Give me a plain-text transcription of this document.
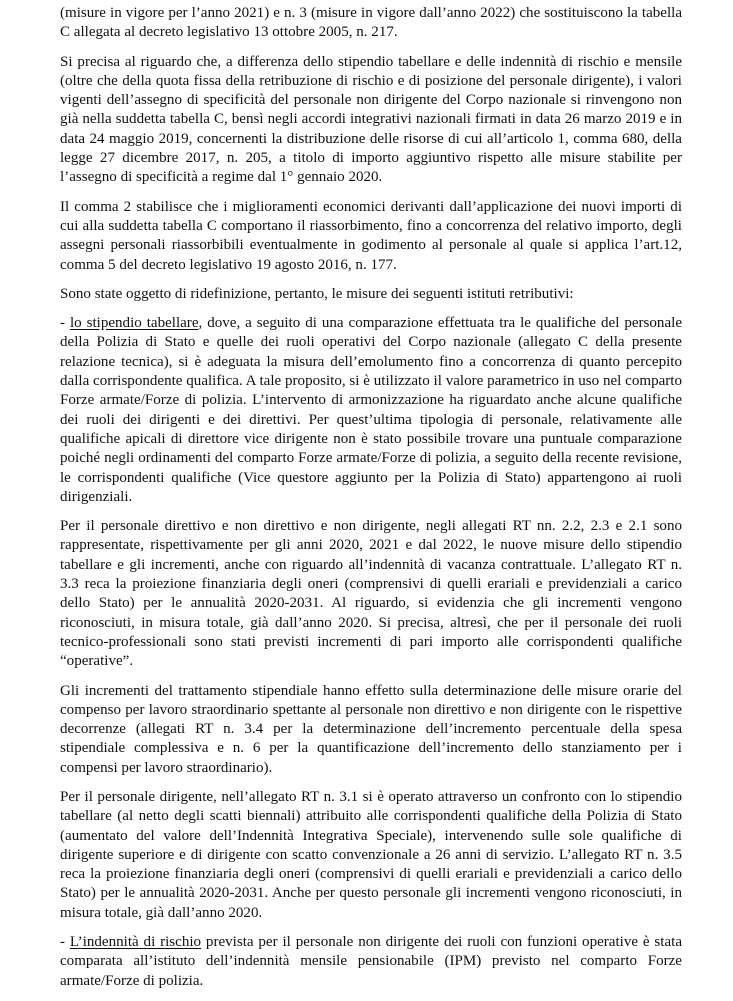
(misure in vigore per l’anno 2021) e n. 3 (misure in vigore dall’anno 2022) che sostituiscono la tabella C allegata al decreto legislativo 13 ottobre 2005, n. 217.

Si precisa al riguardo che, a differenza dello stipendio tabellare e delle indennità di rischio e mensile (oltre che della quota fissa della retribuzione di rischio e di posizione del personale dirigente), i valori vigenti dell’assegno di specificità del personale non dirigente del Corpo nazionale si rinvengono non già nella suddetta tabella C, bensì negli accordi integrativi nazionali firmati in data 26 marzo 2019 e in data 24 maggio 2019, concernenti la distribuzione delle risorse di cui all’articolo 1, comma 680, della legge 27 dicembre 2017, n. 205, a titolo di importo aggiuntivo rispetto alle misure stabilite per l’assegno di specificità a regime dal 1° gennaio 2020.

Il comma 2 stabilisce che i miglioramenti economici derivanti dall’applicazione dei nuovi importi di cui alla suddetta tabella C comportano il riassorbimento, fino a concorrenza del relativo importo, degli assegni personali riassorbibili eventualmente in godimento al personale al quale si applica l’art.12, comma 5 del decreto legislativo 19 agosto 2016, n. 177.

Sono state oggetto di ridefinizione, pertanto, le misure dei seguenti istituti retributivi:

- lo stipendio tabellare, dove, a seguito di una comparazione effettuata tra le qualifiche del personale della Polizia di Stato e quelle dei ruoli operativi del Corpo nazionale (allegato C della presente relazione tecnica), si è adeguata la misura dell’emolumento fino a concorrenza di quanto percepito dalla corrispondente qualifica. A tale proposito, si è utilizzato il valore parametrico in uso nel comparto Forze armate/Forze di polizia. L’intervento di armonizzazione ha riguardato anche alcune qualifiche dei ruoli dei dirigenti e dei direttivi. Per quest’ultima tipologia di personale, relativamente alle qualifiche apicali di direttore vice dirigente non è stato possibile trovare una puntuale comparazione poiché negli ordinamenti del comparto Forze armate/Forze di polizia, a seguito della recente revisione, le corrispondenti qualifiche (Vice questore aggiunto per la Polizia di Stato) appartengono ai ruoli dirigenziali.

Per il personale direttivo e non direttivo e non dirigente, negli allegati RT nn. 2.2, 2.3 e 2.1 sono rappresentate, rispettivamente per gli anni 2020, 2021 e dal 2022, le nuove misure dello stipendio tabellare e gli incrementi, anche con riguardo all’indennità di vacanza contrattuale. L’allegato RT n. 3.3 reca la proiezione finanziaria degli oneri (comprensivi di quelli erariali e previdenziali a carico dello Stato) per le annualità 2020-2031. Al riguardo, si evidenzia che gli incrementi vengono riconosciuti, in misura totale, già dall’anno 2020. Si precisa, altresì, che per il personale dei ruoli tecnico-professionali sono stati previsti incrementi di pari importo alle corrispondenti qualifiche “operative”.

Gli incrementi del trattamento stipendiale hanno effetto sulla determinazione delle misure orarie del compenso per lavoro straordinario spettante al personale non direttivo e non dirigente con le rispettive decorrenze (allegati RT n. 3.4 per la determinazione dell’incremento percentuale della spesa stipendiale complessiva e n. 6 per la quantificazione dell’incremento dello stanziamento per i compensi per lavoro straordinario).

Per il personale dirigente, nell’allegato RT n. 3.1 si è operato attraverso un confronto con lo stipendio tabellare (al netto degli scatti biennali) attribuito alle corrispondenti qualifiche della Polizia di Stato (aumentato del valore dell’Indennità Integrativa Speciale), intervenendo sulle sole qualifiche di dirigente superiore e di dirigente con scatto convenzionale a 26 anni di servizio. L’allegato RT n. 3.5 reca la proiezione finanziaria degli oneri (comprensivi di quelli erariali e previdenziali a carico dello Stato) per le annualità 2020-2031. Anche per questo personale gli incrementi vengono riconosciuti, in misura totale, già dall’anno 2020.

- L’indennità di rischio prevista per il personale non dirigente dei ruoli con funzioni operative è stata comparata all’istituto dell’indennità mensile pensionabile (IPM) previsto nel comparto Forze armate/Forze di polizia.
